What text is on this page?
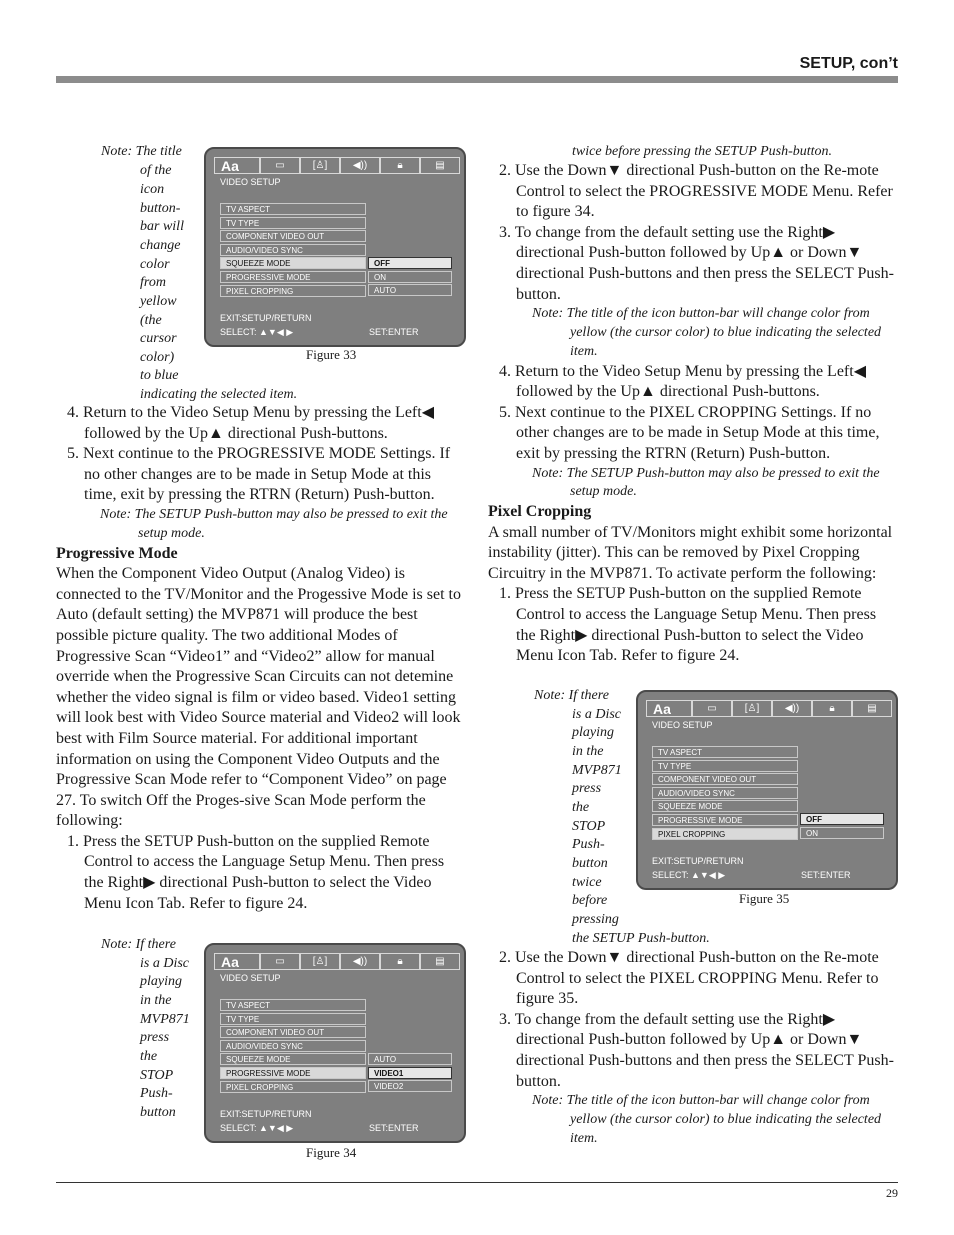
SETUP, con’t
Note: The title
of the
icon
button-
bar will
change
color
from
yellow
(the
cursor
color)
to blue
indicating the selected item.
Aa	▭	[♙]	◀))	🔒︎	▤
VIDEO SETUP
TV ASPECT
TV TYPE
COMPONENT VIDEO OUT
AUDIO/VIDEO SYNC
SQUEEZE MODE
PROGRESSIVE MODE
PIXEL CROPPING
OFF
ON
AUTO
EXIT:SETUP/RETURN
SELECT: ▲▼◀ ▶	SET:ENTER
Figure 33

4. Return to the Video Setup Menu by pressing the Left◀ followed by the Up▲ directional Push-buttons.

5. Next continue to the PROGRESSIVE MODE Settings. If no other changes are to be made in Setup Mode at this time, exit by pressing the RTRN (Return) Push-button.

Note: The SETUP Push-button may also be pressed to exit the setup mode.

Progressive Mode

When the Component Video Output (Analog Video) is connected to the TV/Monitor and the Progessive Mode is set to Auto (default setting) the MVP871 will produce the best possible picture quality. The two additional Modes of Progressive Scan “Video1” and “Video2” allow for manual override when the Progressive Scan Circuits can not detemine whether the video signal is film or video based. Video1 setting will look best with Video Source material and Video2 will look best with Film Source material. For additional important information on using the Component Video Outputs and the Progressive Scan Mode refer to “Component Video” on page 27. To switch Off the Proges-sive Scan Mode perform the following:

1. Press the SETUP Push-button on the supplied Remote Control to access the Language Setup Menu. Then press the Right▶ directional Push-button to select the Video Menu Icon Tab. Refer to figure 24.

Note: If there
is a Disc
playing
in the
MVP871
press
the
STOP
Push-
button
Aa	▭	[♙]	◀))	🔒︎	▤
VIDEO SETUP
TV ASPECT
TV TYPE
COMPONENT VIDEO OUT
AUDIO/VIDEO SYNC
SQUEEZE MODE
PROGRESSIVE MODE
PIXEL CROPPING
AUTO
VIDEO1
VIDEO2
EXIT:SETUP/RETURN
SELECT: ▲▼◀ ▶	SET:ENTER
Figure 34
twice before pressing the SETUP Push-button.

2. Use the Down▼ directional Push-button on the Re-mote Control to select the PROGRESSIVE MODE Menu. Refer to figure 34.

3. To change from the default setting use the Right▶ directional Push-button followed by Up▲ or Down▼ directional Push-buttons and then press the SELECT Push-button.

Note: The title of the icon button-bar will change color from yellow (the cursor color) to blue indicating the selected item.

4. Return to the Video Setup Menu by pressing the Left◀ followed by the Up▲ directional Push-buttons.

5. Next continue to the PIXEL CROPPING Settings. If no other changes are to be made in Setup Mode at this time, exit by pressing the RTRN (Return) Push-button.

Note: The SETUP Push-button may also be pressed to exit the setup mode.

Pixel Cropping

A small number of TV/Monitors might exhibit some horizontal instability (jitter). This can be removed by Pixel Cropping Circuitry in the MVP871. To activate perform the following:

1. Press the SETUP Push-button on the supplied Remote Control to access the Language Setup Menu. Then press the Right▶ directional Push-button to select the Video Menu Icon Tab. Refer to figure 24.

Note: If there
is a Disc
playing
in the
MVP871
press
the
STOP
Push-
button
twice
before
pressing
the SETUP Push-button.
Aa	▭	[♙]	◀))	🔒︎	▤
VIDEO SETUP
TV ASPECT
TV TYPE
COMPONENT VIDEO OUT
AUDIO/VIDEO SYNC
SQUEEZE MODE
PROGRESSIVE MODE
PIXEL CROPPING
OFF
ON
EXIT:SETUP/RETURN
SELECT: ▲▼◀ ▶	SET:ENTER
Figure 35

2. Use the Down▼ directional Push-button on the Re-mote Control to select the PIXEL CROPPING Menu. Refer to figure 35.

3. To change from the default setting use the Right▶ directional Push-button followed by Up▲ or Down▼ directional Push-buttons and then press the SELECT Push-button.

Note: The title of the icon button-bar will change color from yellow (the cursor color) to blue indicating the selected item.

29
